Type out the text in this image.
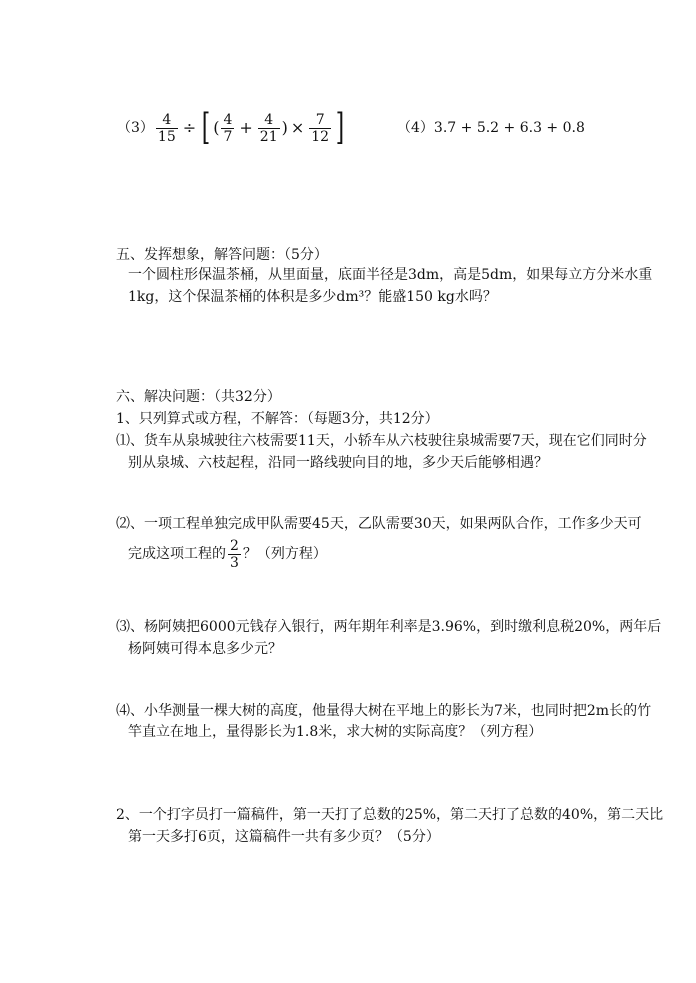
$(3) \frac{4}{15}$ ÷ [ ( $\frac{4}{7} + \frac{4}{21}$ ) × $\frac{7}{12}$ ]	（4）3.7 + 5.2 + 6.3 + 0.8
五、发挥想象，解答问题：（5分）
一个圆柱形保温茶桶，从里面量，底面半径是3dm，高是5dm，如果每立方分米水重
1kg，这个保温茶桶的体积是多少dm³？能盛150 kg水吗？
六、解决问题：（共32分）
1、只列算式或方程，不解答：（每题3分，共12分）
⑴、货车从泉城驶往六枝需要11天，小轿车从六枝驶往泉城需要7天，现在它们同时分
别从泉城、六枝起程，沿同一路线驶向目的地，多少天后能够相遇？
⑵、一项工程单独完成甲队需要45天，乙队需要30天，如果两队合作，工作多少天可
完成这项工程的 $\frac{2}{3}$ ？（列方程）
⑶、杨阿姨把6000元钱存入银行，两年期年利率是3.96%，到时缴利息税20%，两年后
杨阿姨可得本息多少元？
⑷、小华测量一棵大树的高度，他量得大树在平地上的影长为7米，也同时把2m长的竹
竿直立在地上，量得影长为1.8米，求大树的实际高度？（列方程）
2、一个打字员打一篇稿件，第一天打了总数的25%，第二天打了总数的40%，第二天比
第一天多打6页，这篇稿件一共有多少页？（5分）
